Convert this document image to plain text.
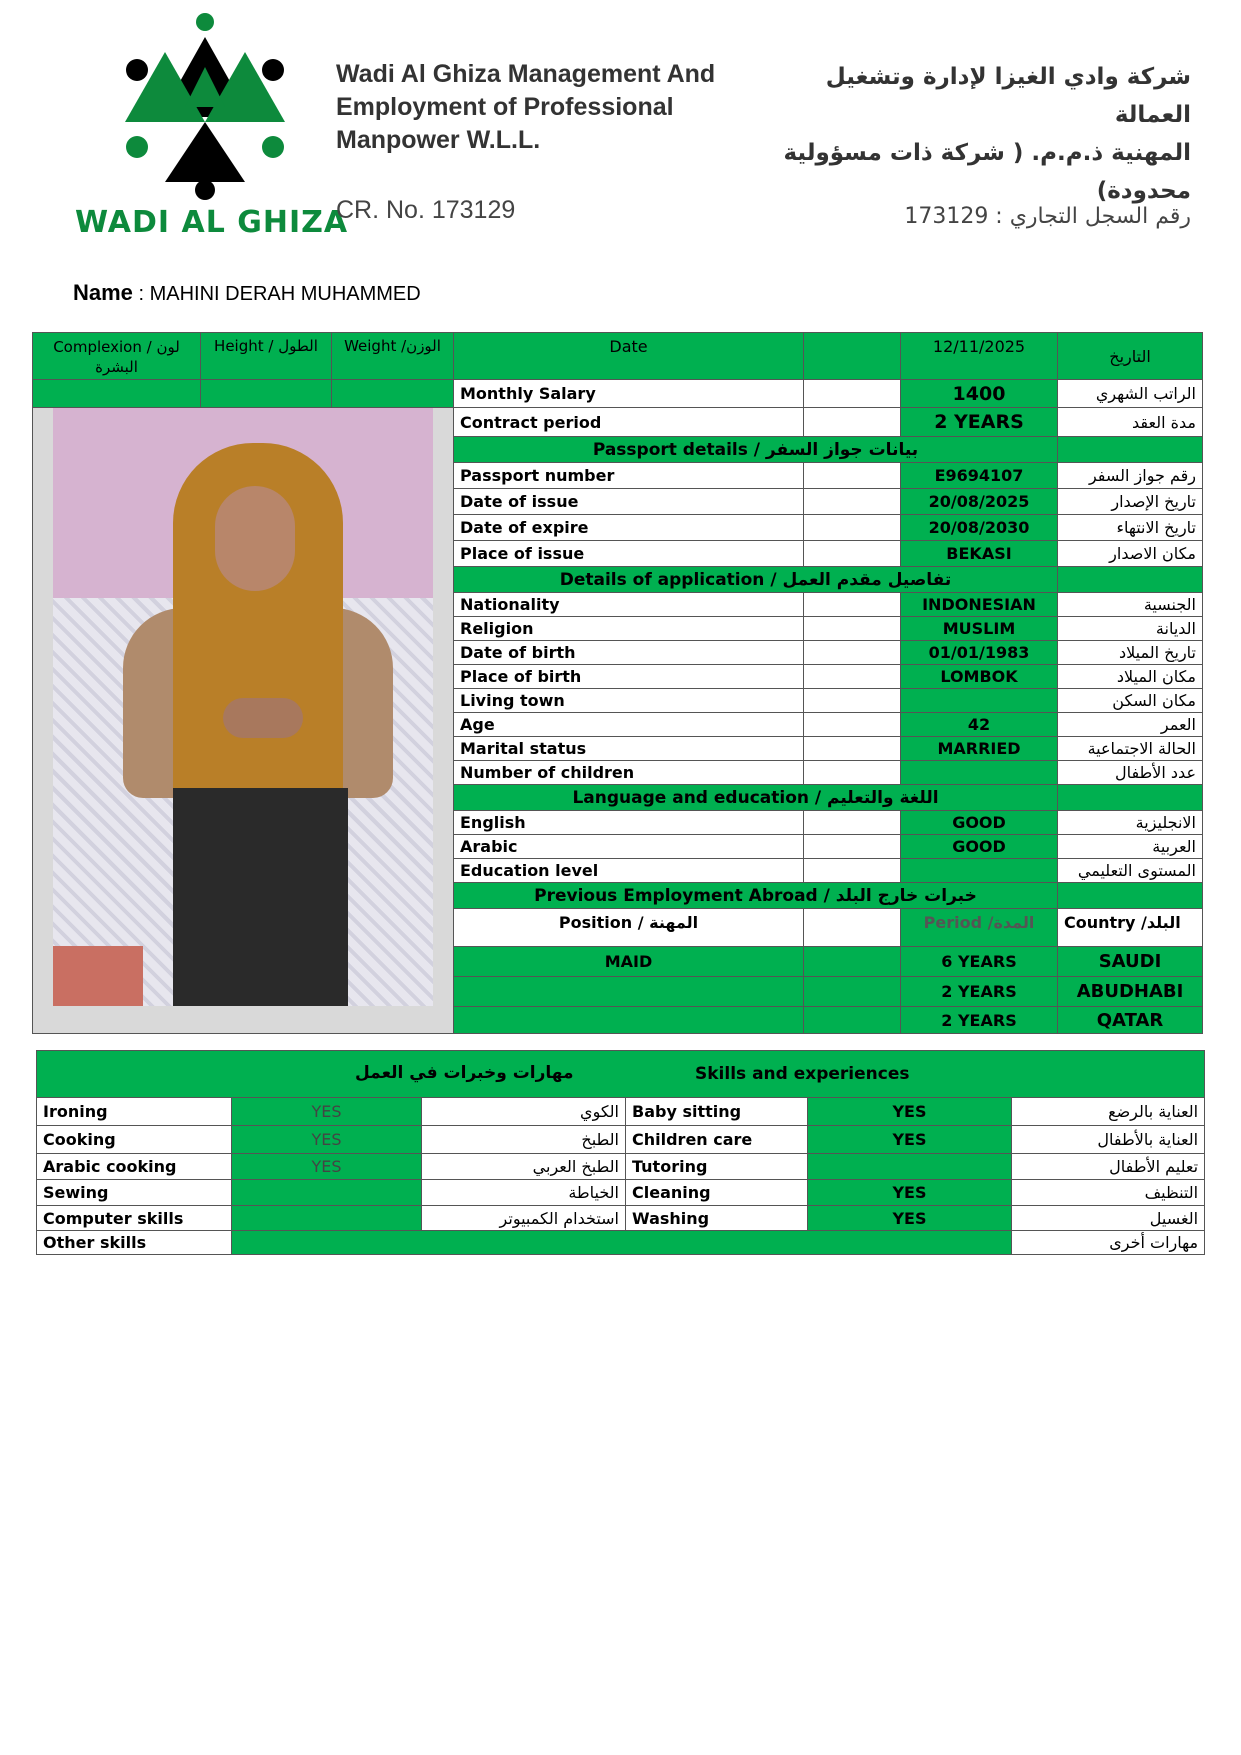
WADI AL GHIZA
Wadi Al Ghiza Management And
Employment of Professional
Manpower W.L.L.
CR. No. 173129
شركة وادي الغيزا لإدارة وتشغيل العمالة
المهنية ذ.م.م. ( شركة ذات مسؤولية
محدودة)
رقم السجل التجاري : 173129
Name : MAHINI DERAH MUHAMMED
Complexion / لون البشرة	Height / الطول	Weight /الوزن	Date		12/11/2025	التاريخ
			Monthly Salary		1400	الراتب الشهري

			Contract period		2 YEARS	مدة العقد
			Passport details / بيانات جواز السفر			
			Passport number		E9694107	رقم جواز السفر
			Date of issue		20/08/2025	تاريخ الإصدار
			Date of expire		20/08/2030	تاريخ الانتهاء
			Place of issue		BEKASI	مكان الاصدار
			Details of application / تفاصيل مقدم العمل			
			Nationality		INDONESIAN	الجنسية
			Religion		MUSLIM	الديانة
			Date of birth		01/01/1983	تاريخ الميلاد
			Place of birth		LOMBOK	مكان الميلاد
			Living town			مكان السكن
			Age		42	العمر
			Marital status		MARRIED	الحالة الاجتماعية
			Number of children			عدد الأطفال
			Language and education / اللغة والتعليم			
			English		GOOD	الانجليزية
			Arabic		GOOD	العربية
			Education level			المستوى التعليمي
			Previous Employment Abroad / خبرات خارج البلد			
			Position / المهنة		Period /المدة	Country /البلد
			MAID		6 YEARS	SAUDI
					2 YEARS	ABUDHABI
					2 YEARS	QATAR
مهارات وخبرات في العمل Skills and experiences					

Ironing	YES	الكوي	Baby sitting	YES	العناية بالرضع
Cooking	YES	الطبخ	Children care	YES	العناية بالأطفال
Arabic cooking	YES	الطبخ العربي	Tutoring		تعليم الأطفال
Sewing		الخياطة	Cleaning	YES	التنظيف
Computer skills		استخدام الكمبيوتر	Washing	YES	الغسيل
Other skills					مهارات أخرى
